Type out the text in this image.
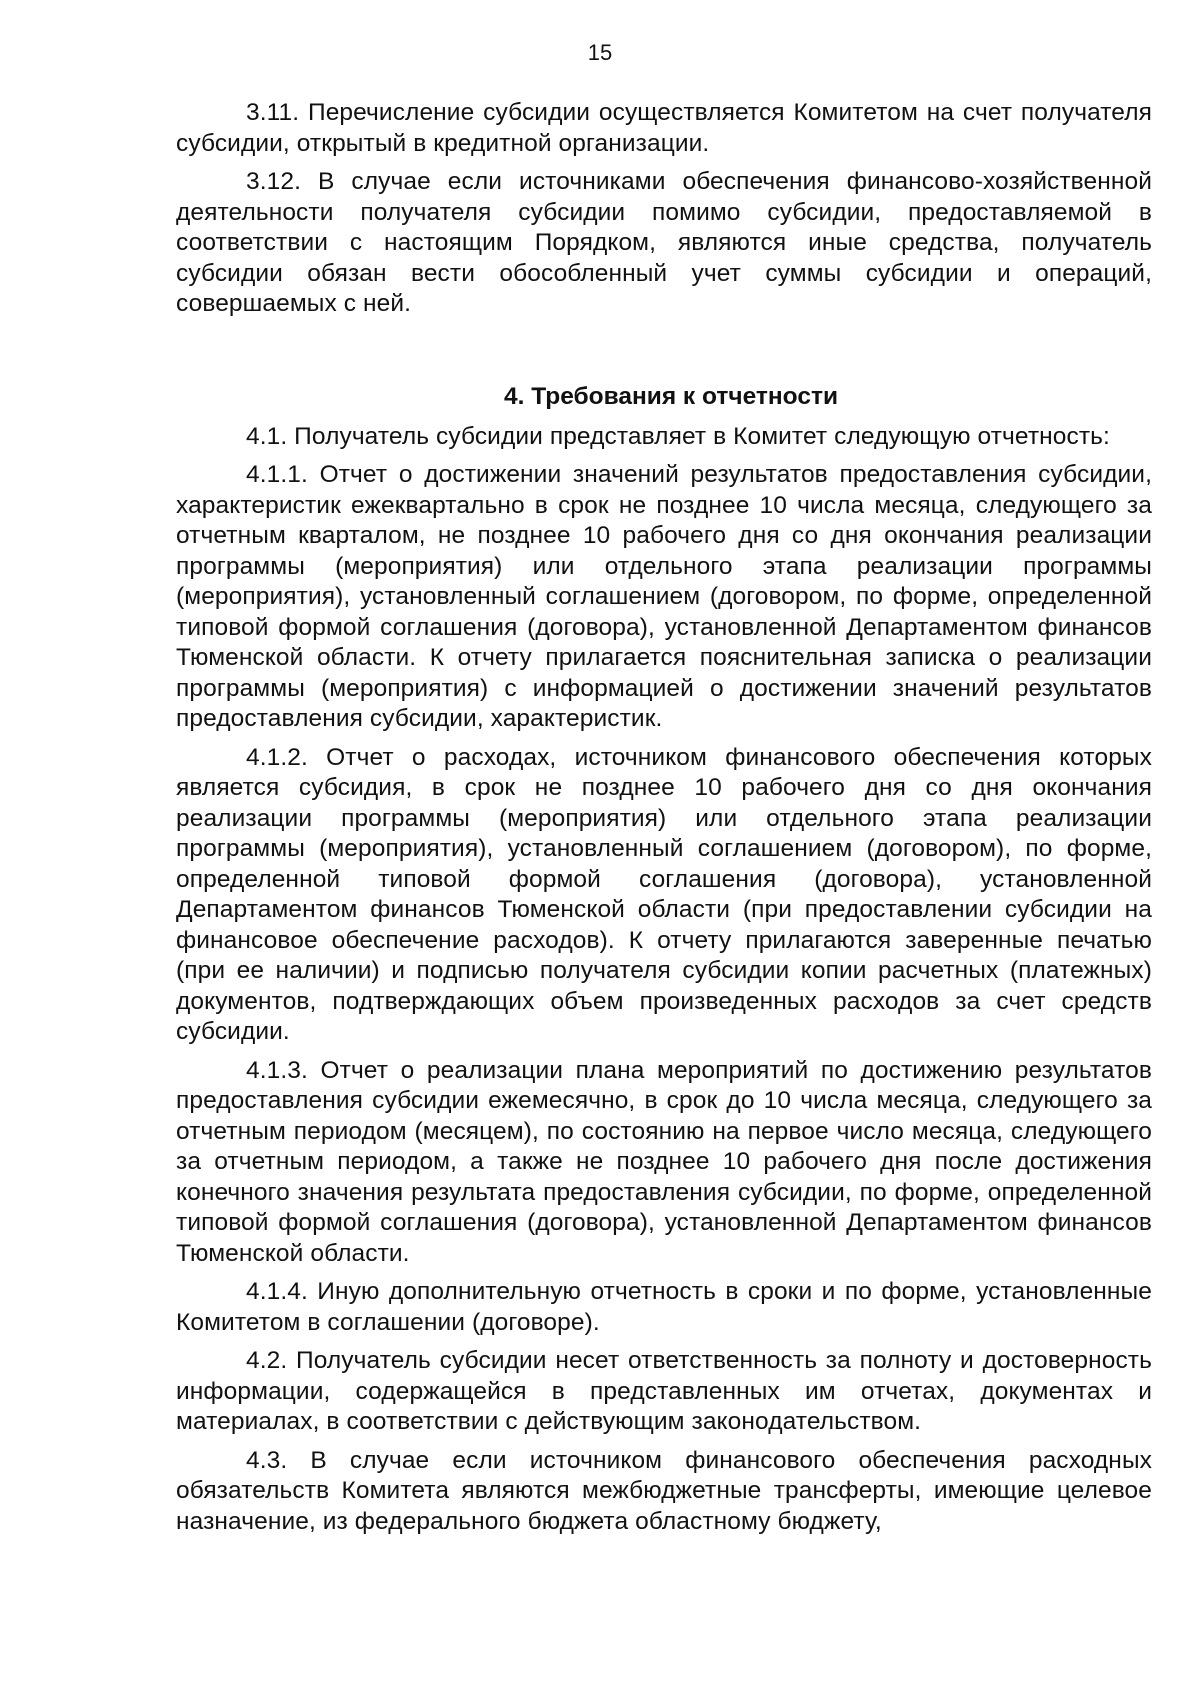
15

3.11. Перечисление субсидии осуществляется Комитетом на счет получателя субсидии, открытый в кредитной организации.

3.12. В случае если источниками обеспечения финансово-хозяйственной деятельности получателя субсидии помимо субсидии, предоставляемой в соответствии с настоящим Порядком, являются иные средства, получатель субсидии обязан вести обособленный учет суммы субсидии и операций, совершаемых с ней.

4. Требования к отчетности

4.1. Получатель субсидии представляет в Комитет следующую отчетность:

4.1.1. Отчет о достижении значений результатов предоставления субсидии, характеристик ежеквартально в срок не позднее 10 числа месяца, следующего за отчетным кварталом, не позднее 10 рабочего дня со дня окончания реализации программы (мероприятия) или отдельного этапа реализации программы (мероприятия), установленный соглашением (договором, по форме, определенной типовой формой соглашения (договора), установленной Департаментом финансов Тюменской области. К отчету прилагается пояснительная записка о реализации программы (мероприятия) с информацией о достижении значений результатов предоставления субсидии, характеристик.

4.1.2. Отчет о расходах, источником финансового обеспечения которых является субсидия, в срок не позднее 10 рабочего дня со дня окончания реализации программы (мероприятия) или отдельного этапа реализации программы (мероприятия), установленный соглашением (договором), по форме, определенной типовой формой соглашения (договора), установленной Департаментом финансов Тюменской области (при предоставлении субсидии на финансовое обеспечение расходов). К отчету прилагаются заверенные печатью (при ее наличии) и подписью получателя субсидии копии расчетных (платежных) документов, подтверждающих объем произведенных расходов за счет средств субсидии.

4.1.3. Отчет о реализации плана мероприятий по достижению результатов предоставления субсидии ежемесячно, в срок до 10 числа месяца, следующего за отчетным периодом (месяцем), по состоянию на первое число месяца, следующего за отчетным периодом, а также не позднее 10 рабочего дня после достижения конечного значения результата предоставления субсидии, по форме, определенной типовой формой соглашения (договора), установленной Департаментом финансов Тюменской области.

4.1.4. Иную дополнительную отчетность в сроки и по форме, установленные Комитетом в соглашении (договоре).

4.2. Получатель субсидии несет ответственность за полноту и достоверность информации, содержащейся в представленных им отчетах, документах и материалах, в соответствии с действующим законодательством.

4.3. В случае если источником финансового обеспечения расходных обязательств Комитета являются межбюджетные трансферты, имеющие целевое назначение, из федерального бюджета областному бюджету,
